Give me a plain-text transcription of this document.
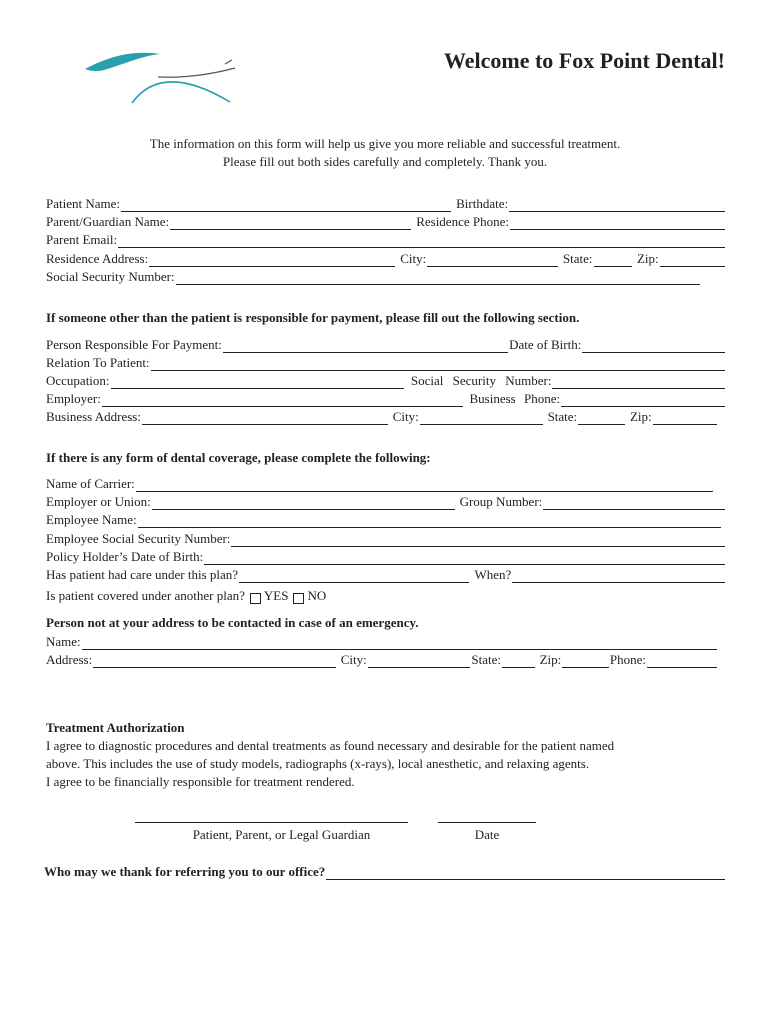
Welcome to Fox Point Dental!
The information on this form will help us give you more reliable and successful treatment.
Please fill out both sides carefully and completely. Thank you.
Patient Name:	Birthdate:
Parent/Guardian Name:	Residence Phone:
Parent Email:
Residence Address:	City:	State:	Zip:
Social Security Number:
If someone other than the patient is responsible for payment, please fill out the following section.
Person Responsible For Payment:	Date of Birth:
Relation To Patient:
Occupation:	Social Security Number:
Employer:	Business Phone:
Business Address:	City:	State:	Zip:
If there is any form of dental coverage, please complete the following:
Name of Carrier:
Employer or Union:	Group Number:
Employee Name:
Employee Social Security Number:
Policy Holder’s Date of Birth:
Has patient had care under this plan?	When?
Is patient covered under another plan? YES NO
Person not at your address to be contacted in case of an emergency.
Name:
Address:	City:	State:	Zip:	Phone:
Treatment Authorization
I agree to diagnostic procedures and dental treatments as found necessary and desirable for the patient named
above. This includes the use of study models, radiographs (x-rays), local anesthetic, and relaxing agents.
I agree to be financially responsible for treatment rendered.
Patient, Parent, or Legal Guardian	Date
Who may we thank for referring you to our office?
